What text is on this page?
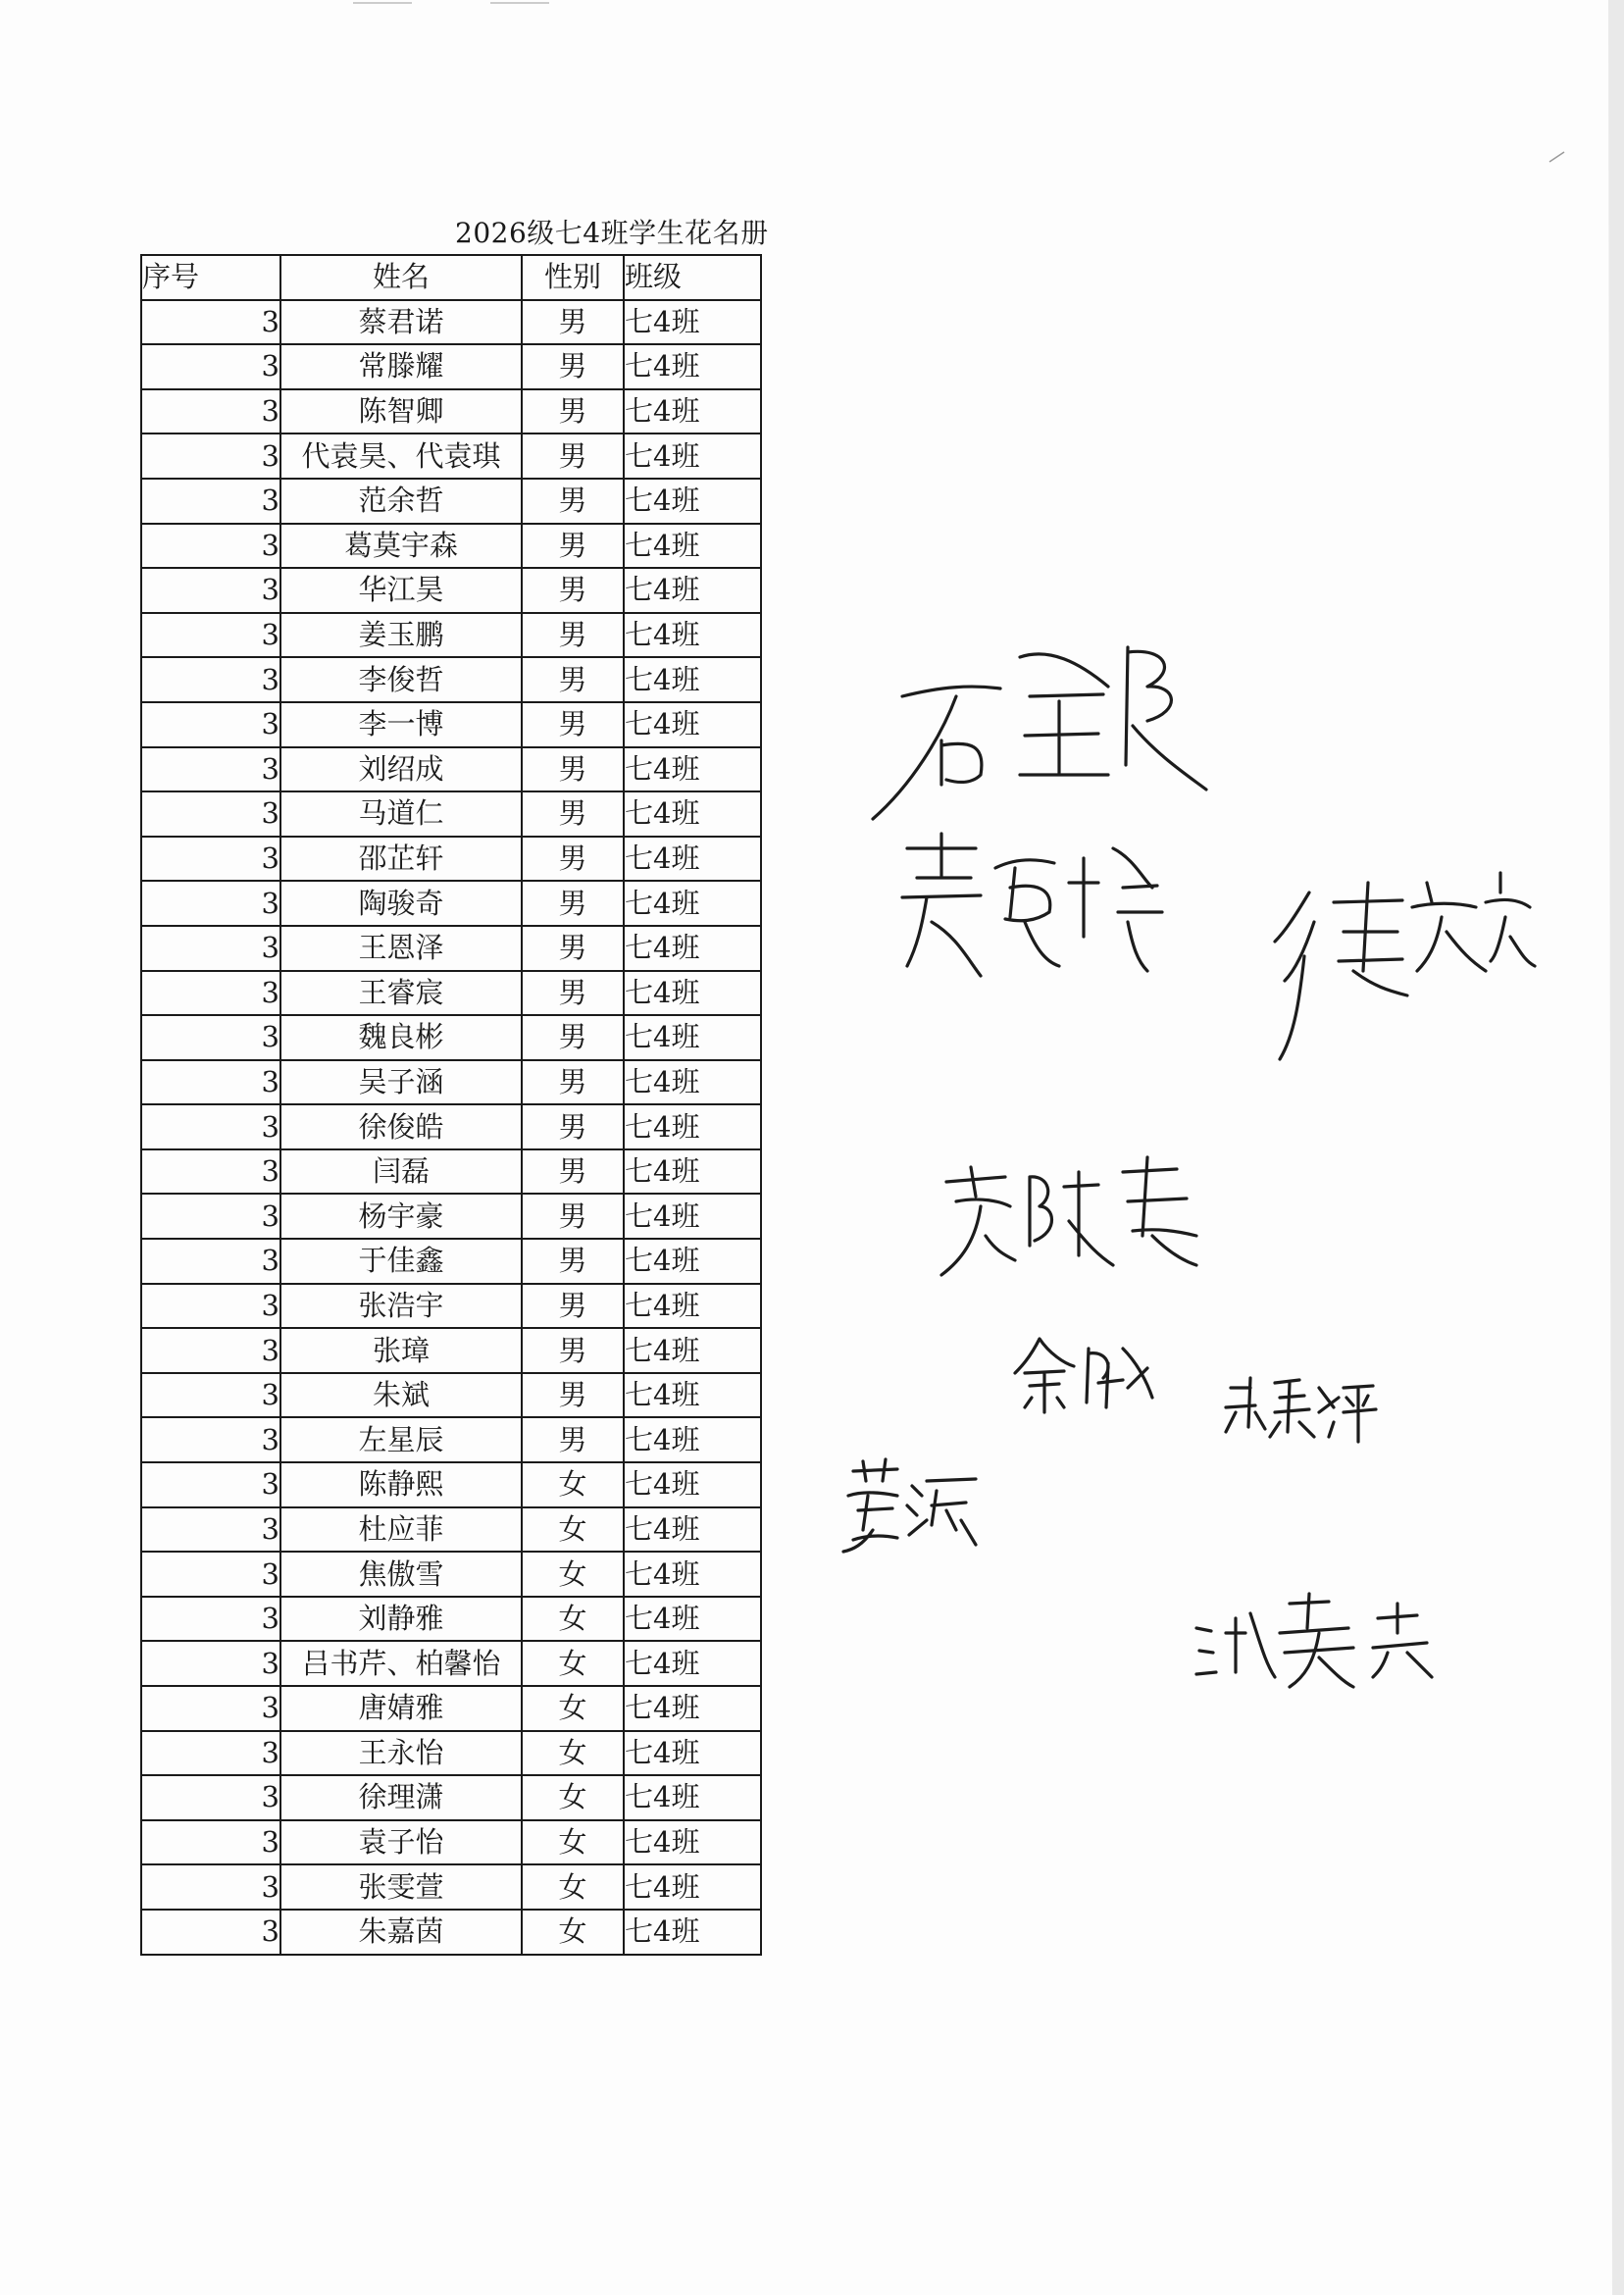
2026级七4班学生花名册
序号	姓名	性别	班级
3	蔡君诺	男	七4班
3	常滕耀	男	七4班
3	陈智卿	男	七4班
3	代袁昊、代袁琪	男	七4班
3	范余哲	男	七4班
3	葛莫宇森	男	七4班
3	华江昊	男	七4班
3	姜玉鹏	男	七4班
3	李俊哲	男	七4班
3	李一博	男	七4班
3	刘绍成	男	七4班
3	马道仁	男	七4班
3	邵芷轩	男	七4班
3	陶骏奇	男	七4班
3	王恩泽	男	七4班
3	王睿宸	男	七4班
3	魏良彬	男	七4班
3	吴子涵	男	七4班
3	徐俊皓	男	七4班
3	闫磊	男	七4班
3	杨宇豪	男	七4班
3	于佳鑫	男	七4班
3	张浩宇	男	七4班
3	张璋	男	七4班
3	朱斌	男	七4班
3	左星辰	男	七4班
3	陈静熙	女	七4班
3	杜应菲	女	七4班
3	焦傲雪	女	七4班
3	刘静雅	女	七4班
3	吕书芹、柏馨怡	女	七4班
3	唐婧雅	女	七4班
3	王永怡	女	七4班
3	徐理潇	女	七4班
3	袁子怡	女	七4班
3	张雯萱	女	七4班
3	朱嘉茵	女	七4班
